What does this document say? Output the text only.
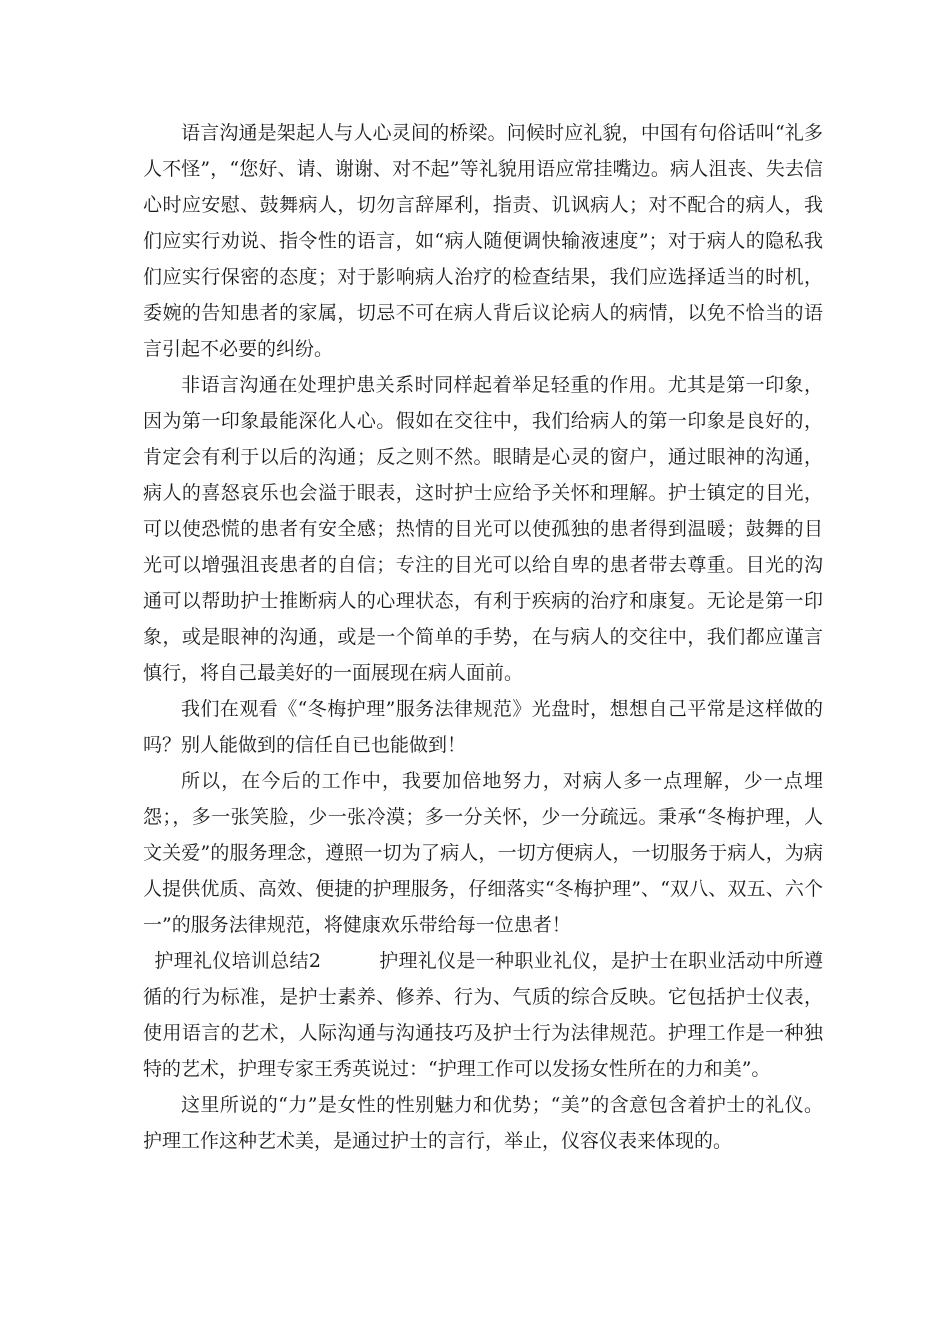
语言沟通是架起人与人心灵间的桥梁。问候时应礼貌，中国有句俗话叫“礼多人不怪”，“您好、请、谢谢、对不起”等礼貌用语应常挂嘴边。病人沮丧、失去信心时应安慰、鼓舞病人，切勿言辞犀利，指责、讥讽病人；对不配合的病人，我们应实行劝说、指令性的语言，如“病人随便调快输液速度”；对于病人的隐私我们应实行保密的态度；对于影响病人治疗的检查结果，我们应选择适当的时机，委婉的告知患者的家属，切忌不可在病人背后议论病人的病情，以免不恰当的语言引起不必要的纠纷。

非语言沟通在处理护患关系时同样起着举足轻重的作用。尤其是第一印象，因为第一印象最能深化人心。假如在交往中，我们给病人的第一印象是良好的，肯定会有利于以后的沟通；反之则不然。眼睛是心灵的窗户，通过眼神的沟通，病人的喜怒哀乐也会溢于眼表，这时护士应给予关怀和理解。护士镇定的目光，可以使恐慌的患者有安全感；热情的目光可以使孤独的患者得到温暖；鼓舞的目光可以增强沮丧患者的自信；专注的目光可以给自卑的患者带去尊重。目光的沟通可以帮助护士推断病人的心理状态，有利于疾病的治疗和康复。无论是第一印象，或是眼神的沟通，或是一个简单的手势，在与病人的交往中，我们都应谨言慎行，将自己最美好的一面展现在病人面前。

我们在观看《“冬梅护理”服务法律规范》光盘时，想想自己平常是这样做的吗？别人能做到的信任自已也能做到！

所以，在今后的工作中，我要加倍地努力，对病人多一点理解，少一点埋怨；，多一张笑脸，少一张冷漠；多一分关怀，少一分疏远。秉承“冬梅护理，人文关爱”的服务理念，遵照一切为了病人，一切方便病人，一切服务于病人，为病人提供优质、高效、便捷的护理服务，仔细落实“冬梅护理”、“双八、双五、六个一”的服务法律规范，将健康欢乐带给每一位患者！

护理礼仪培训总结2　　　护理礼仪是一种职业礼仪，是护士在职业活动中所遵循的行为标准，是护士素养、修养、行为、气质的综合反映。它包括护士仪表，使用语言的艺术，人际沟通与沟通技巧及护士行为法律规范。护理工作是一种独特的艺术，护理专家王秀英说过：“护理工作可以发扬女性所在的力和美”。

这里所说的“力”是女性的性别魅力和优势；“美”的含意包含着护士的礼仪。护理工作这种艺术美，是通过护士的言行，举止，仪容仪表来体现的。
